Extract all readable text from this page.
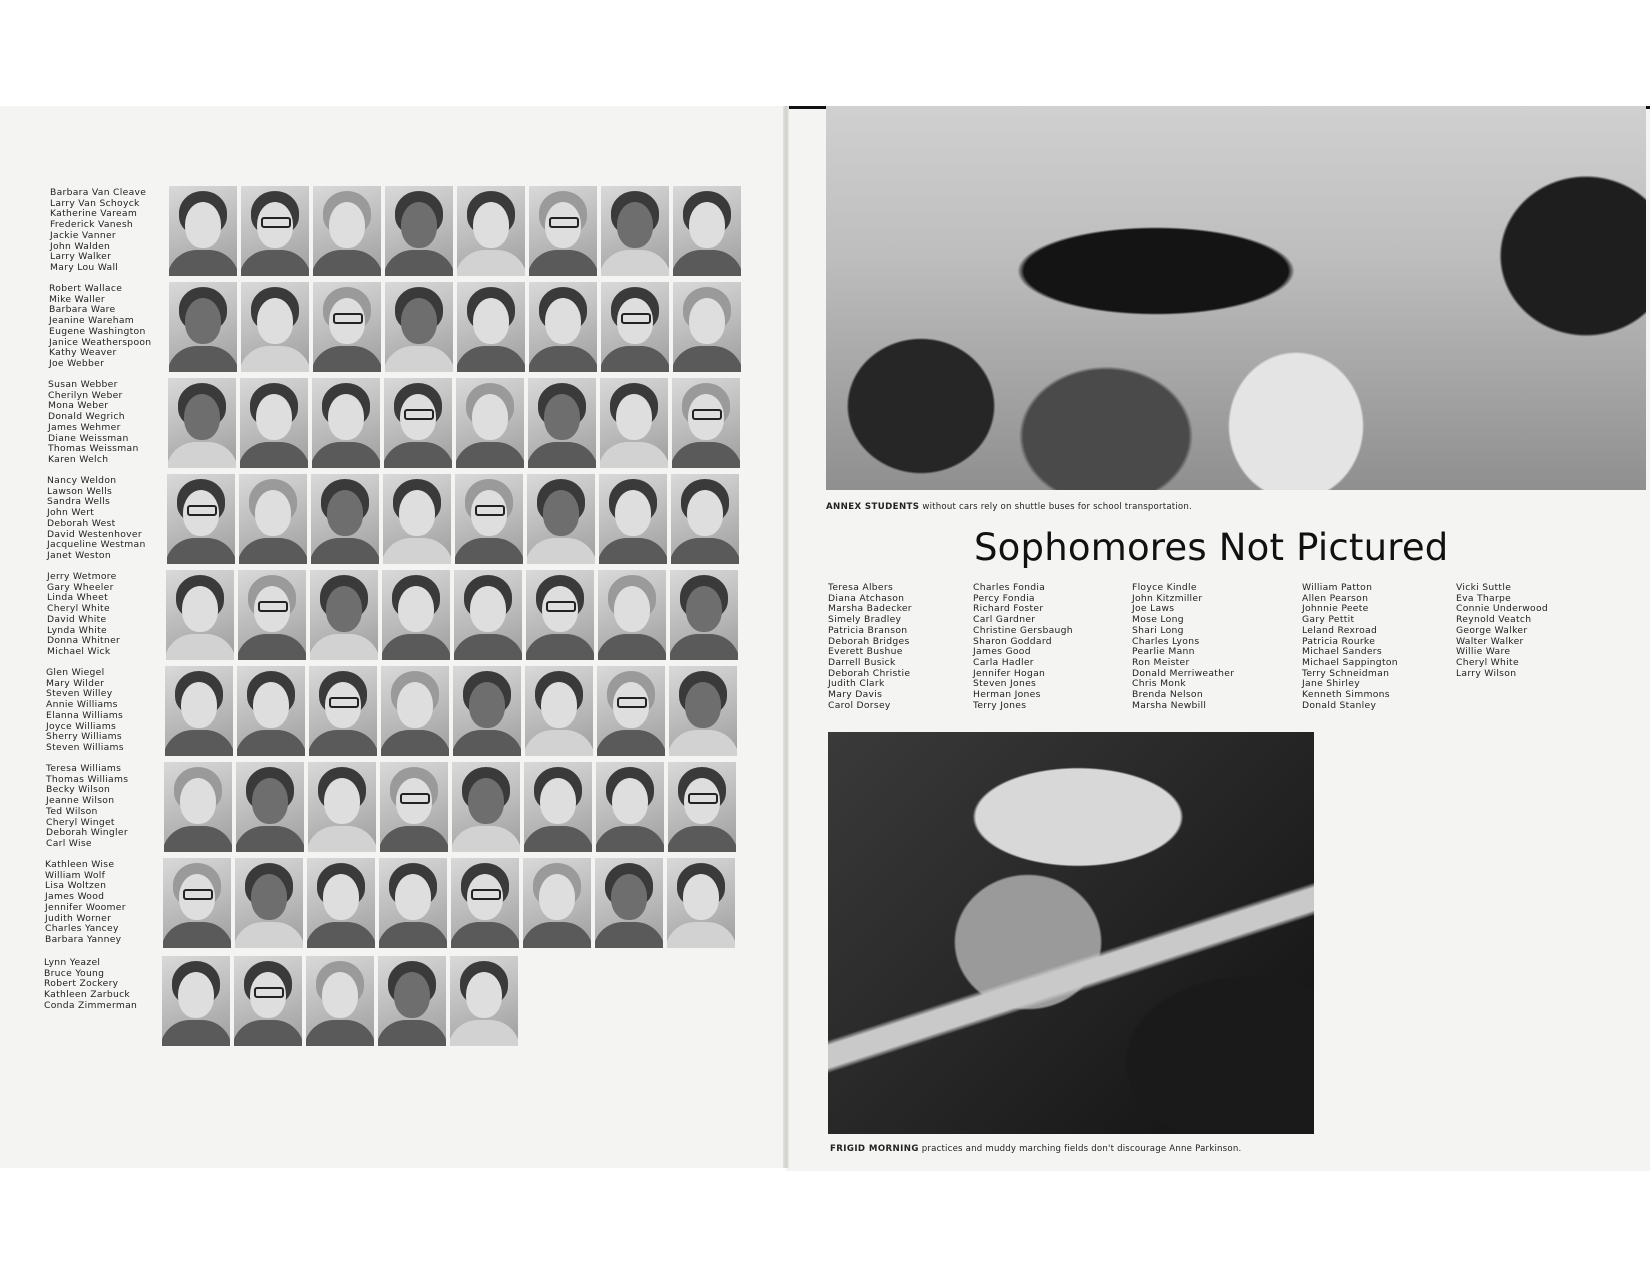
Barbara Van Cleave
Larry Van Schoyck
Katherine Vaream
Frederick Vanesh
Jackie Vanner
John Walden
Larry Walker
Mary Lou Wall
Robert Wallace
Mike Waller
Barbara Ware
Jeanine Wareham
Eugene Washington
Janice Weatherspoon
Kathy Weaver
Joe Webber
Susan Webber
Cherilyn Weber
Mona Weber
Donald Wegrich
James Wehmer
Diane Weissman
Thomas Weissman
Karen Welch
Nancy Weldon
Lawson Wells
Sandra Wells
John Wert
Deborah West
David Westenhover
Jacqueline Westman
Janet Weston
Jerry Wetmore
Gary Wheeler
Linda Wheet
Cheryl White
David White
Lynda White
Donna Whitner
Michael Wick
Glen Wiegel
Mary Wilder
Steven Willey
Annie Williams
Elanna Williams
Joyce Williams
Sherry Williams
Steven Williams
Teresa Williams
Thomas Williams
Becky Wilson
Jeanne Wilson
Ted Wilson
Cheryl Winget
Deborah Wingler
Carl Wise
Kathleen Wise
William Wolf
Lisa Woltzen
James Wood
Jennifer Woomer
Judith Worner
Charles Yancey
Barbara Yanney
Lynn Yeazel
Bruce Young
Robert Zockery
Kathleen Zarbuck
Conda Zimmerman
ANNEX STUDENTS without cars rely on shuttle buses for school transportation.
Sophomores Not Pictured
Teresa Albers
Diana Atchason
Marsha Badecker
Simely Bradley
Patricia Branson
Deborah Bridges
Everett Bushue
Darrell Busick
Deborah Christie
Judith Clark
Mary Davis
Carol Dorsey
Charles Fondia
Percy Fondia
Richard Foster
Carl Gardner
Christine Gersbaugh
Sharon Goddard
James Good
Carla Hadler
Jennifer Hogan
Steven Jones
Herman Jones
Terry Jones
Floyce Kindle
John Kitzmiller
Joe Laws
Mose Long
Shari Long
Charles Lyons
Pearlie Mann
Ron Meister
Donald Merriweather
Chris Monk
Brenda Nelson
Marsha Newbill
William Patton
Allen Pearson
Johnnie Peete
Gary Pettit
Leland Rexroad
Patricia Rourke
Michael Sanders
Michael Sappington
Terry Schneidman
Jane Shirley
Kenneth Simmons
Donald Stanley
Vicki Suttle
Eva Tharpe
Connie Underwood
Reynold Veatch
George Walker
Walter Walker
Willie Ware
Cheryl White
Larry Wilson
FRIGID MORNING practices and muddy marching fields don't discourage Anne Parkinson.
